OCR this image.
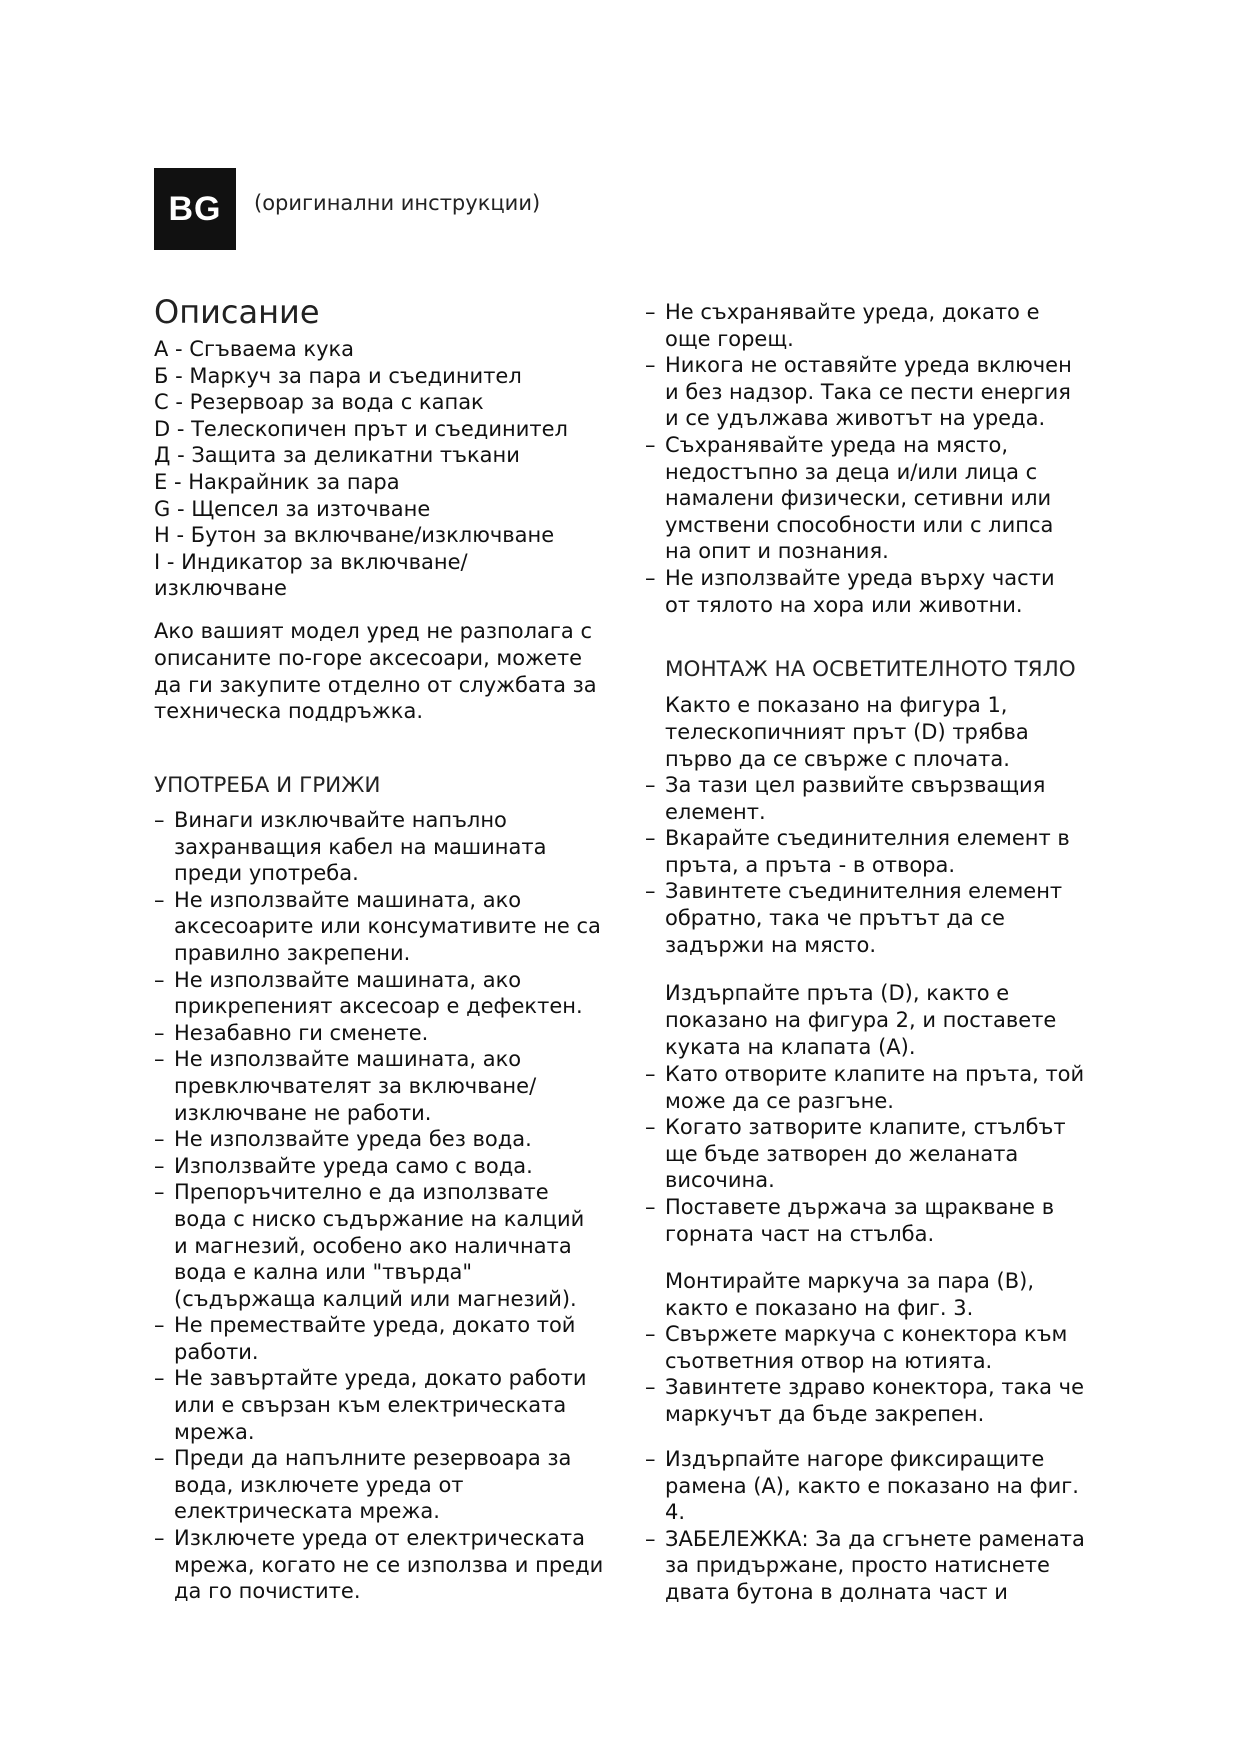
BG	(оригинални инструкции)
Описание
A - Сгъваема кука
Б - Маркуч за пара и съединител
C - Резервоар за вода с капак
D - Телескопичен прът и съединител
Д - Защита за деликатни тъкани
E - Накрайник за пара
G - Щепсел за източване
H - Бутон за включване/изключване
I - Индикатор за включване/ изключване
Ако вашият модел уред не разполага с описаните по-горе аксесоари, можете да ги закупите отделно от службата за техническа поддръжка.
УПОТРЕБА И ГРИЖИ
– Винаги изключвайте напълно захранващия кабел на машината преди употреба.
– Не използвайте машината, ако аксесоарите или консумативите не са правилно закрепени.
– Не използвайте машината, ако прикрепеният аксесоар е дефектен.
– Незабавно ги сменете.
– Не използвайте машината, ако превключвателят за включване/ изключване не работи.
– Не използвайте уреда без вода.
– Използвайте уреда само с вода.
– Препоръчително е да използвате вода с ниско съдържание на калций и магнезий, особено ако наличната вода е кална или "твърда" (съдържаща калций или магнезий).
– Не премествайте уреда, докато той работи.
– Не завъртайте уреда, докато работи или е свързан към електрическата мрежа.
– Преди да напълните резервоара за вода, изключете уреда от електрическата мрежа.
– Изключете уреда от електрическата мрежа, когато не се използва и преди да го почистите.
– Не съхранявайте уреда, докато е още горещ.
– Никога не оставяйте уреда включен и без надзор. Така се пести енергия и се удължава животът на уреда.
– Съхранявайте уреда на място, недостъпно за деца и/или лица с намалени физически, сетивни или умствени способности или с липса на опит и познания.
– Не използвайте уреда върху части от тялото на хора или животни.
МОНТАЖ НА ОСВЕТИТЕЛНОТО ТЯЛО
Както е показано на фигура 1, телескопичният прът (D) трябва първо да се свърже с плочата.
– За тази цел развийте свързващия елемент.
– Вкарайте съединителния елемент в пръта, а пръта - в отвора.
– Завинтете съединителния елемент обратно, така че прътът да се задържи на място.
Издърпайте пръта (D), както е показано на фигура 2, и поставете куката на клапата (A).
– Като отворите клапите на пръта, той може да се разгъне.
– Когато затворите клапите, стълбът ще бъде затворен до желаната височина.
– Поставете държача за щракване в горната част на стълба.
Монтирайте маркуча за пара (B), както е показано на фиг. 3.
– Свържете маркуча с конектора към съответния отвор на ютията.
– Завинтете здраво конектора, така че маркучът да бъде закрепен.
– Издърпайте нагоре фиксиращите рамена (A), както е показано на фиг. 4.
– ЗАБЕЛЕЖКА: За да сгънете рамената за придържане, просто натиснете двата бутона в долната част и
